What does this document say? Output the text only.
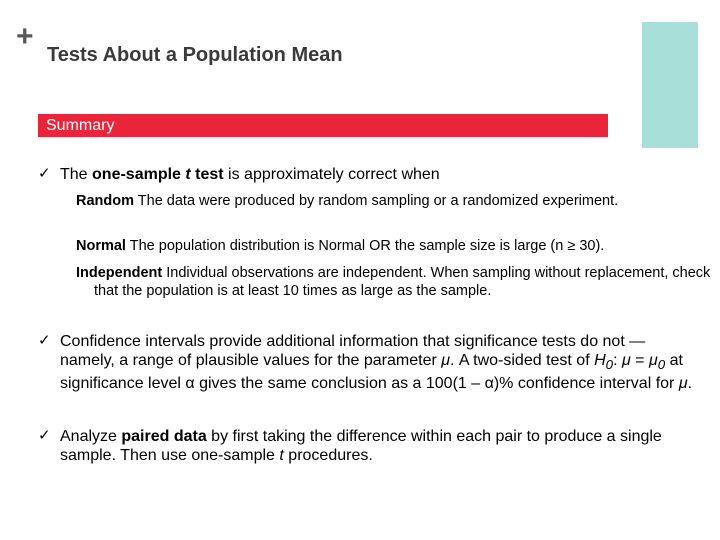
+
Tests About a Population Mean
Summary
✓ The one-sample t test is approximately correct when

Random The data were produced by random sampling or a randomized experiment.

Normal The population distribution is Normal OR the sample size is large (n ≥ 30).

Independent Individual observations are independent. When sampling without replacement, check that the population is at least 10 times as large as the sample.

✓ Confidence intervals provide additional information that significance tests do not —namely, a range of plausible values for the parameter μ. A two-sided test of $H_0$: $\mu = \mu_0$ at significance level α gives the same conclusion as a 100(1 – α)% confidence interval for μ.

✓ Analyze paired data by first taking the difference within each pair to produce a single sample. Then use one-sample t procedures.
